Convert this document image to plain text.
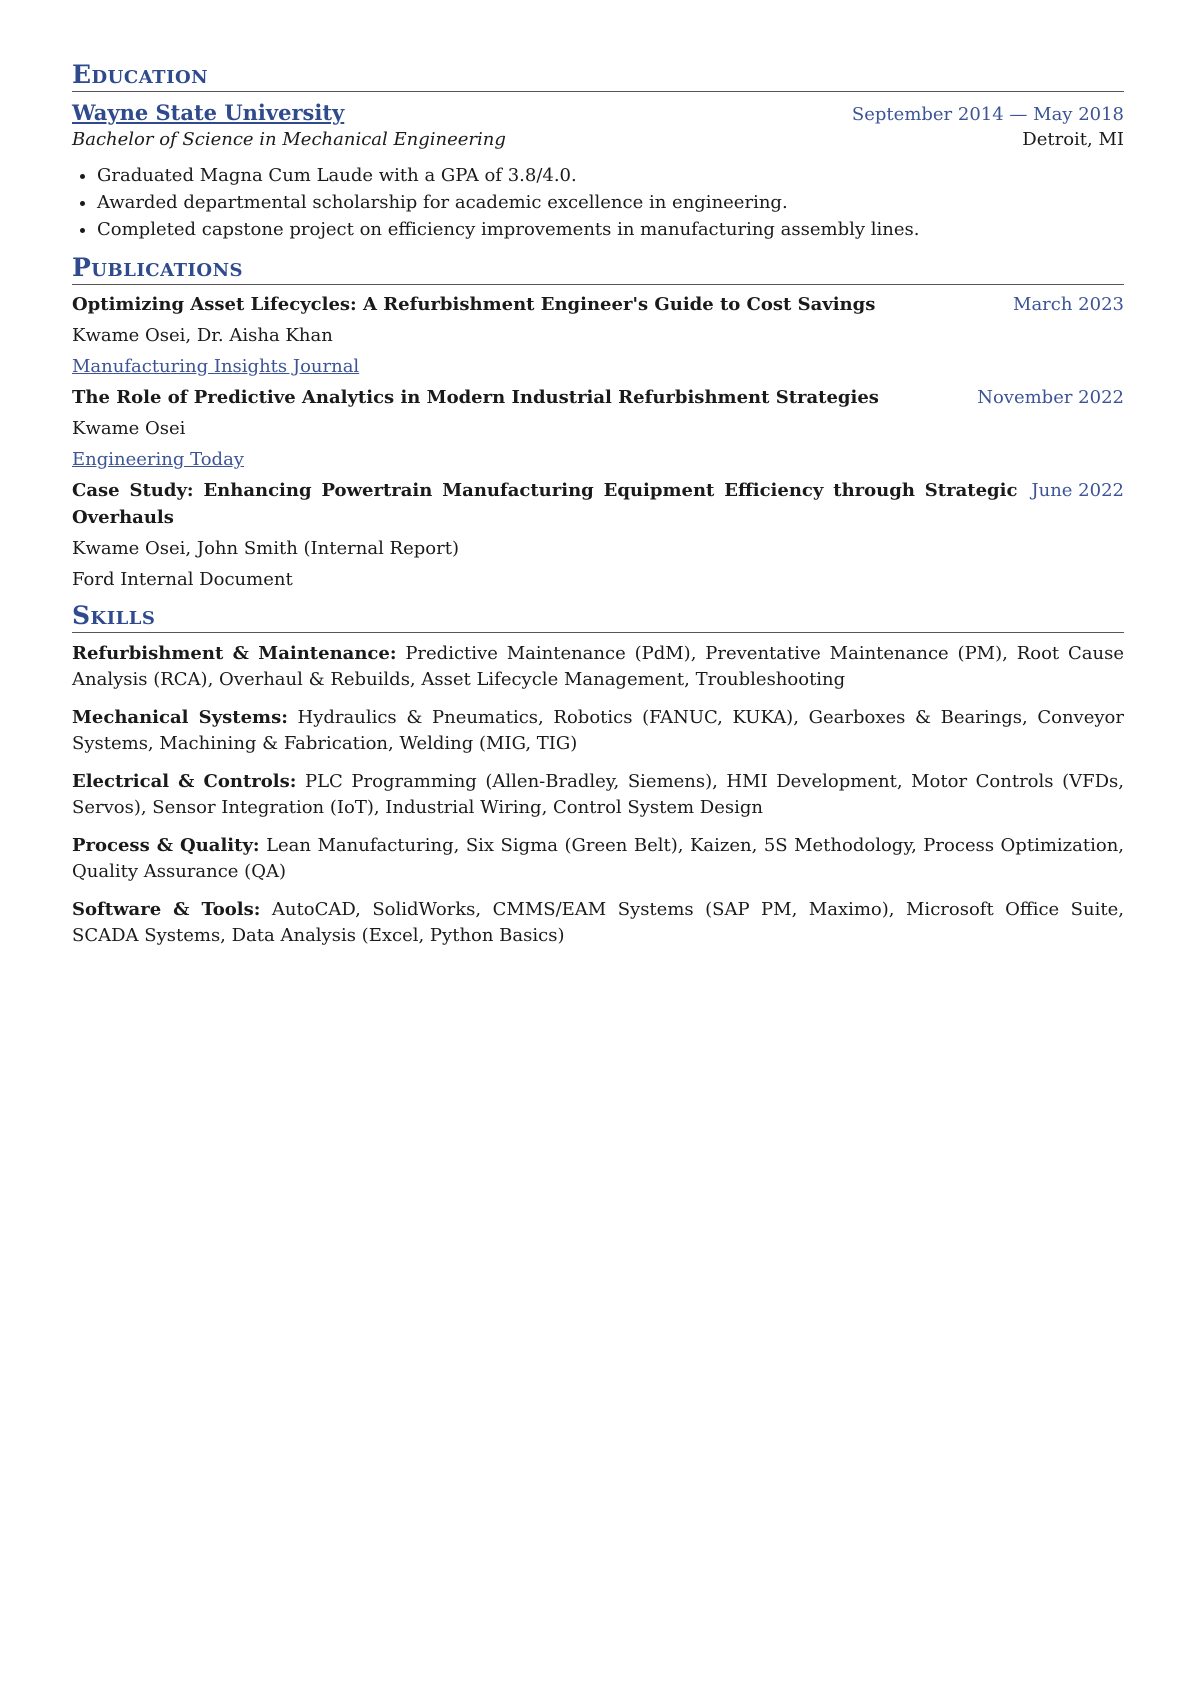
Education
Wayne State University	September 2014 — May 2018
Bachelor of Science in Mechanical Engineering	Detroit, MI
• Graduated Magna Cum Laude with a GPA of 3.8/4.0.
• Awarded departmental scholarship for academic excellence in engineering.
• Completed capstone project on efficiency improvements in manufacturing assembly lines.
Publications
Optimizing Asset Lifecycles: A Refurbishment Engineer's Guide to Cost Savings	March 2023
Kwame Osei, Dr. Aisha Khan
Manufacturing Insights Journal
The Role of Predictive Analytics in Modern Industrial Refurbishment Strategies	November 2022
Kwame Osei
Engineering Today
Case Study: Enhancing Powertrain Manufacturing Equipment Efficiency through Strategic Overhauls
June 2022
Kwame Osei, John Smith (Internal Report)
Ford Internal Document
Skills
Refurbishment & Maintenance: Predictive Maintenance (PdM), Preventative Maintenance (PM), Root Cause Analysis (RCA), Overhaul & Rebuilds, Asset Lifecycle Management, Troubleshooting
Mechanical Systems: Hydraulics & Pneumatics, Robotics (FANUC, KUKA), Gearboxes & Bearings, Conveyor Systems, Machining & Fabrication, Welding (MIG, TIG)
Electrical & Controls: PLC Programming (Allen-Bradley, Siemens), HMI Development, Motor Controls (VFDs, Servos), Sensor Integration (IoT), Industrial Wiring, Control System Design
Process & Quality: Lean Manufacturing, Six Sigma (Green Belt), Kaizen, 5S Methodology, Process Optimization, Quality Assurance (QA)
Software & Tools: AutoCAD, SolidWorks, CMMS/EAM Systems (SAP PM, Maximo), Microsoft Office Suite, SCADA Systems, Data Analysis (Excel, Python Basics)
